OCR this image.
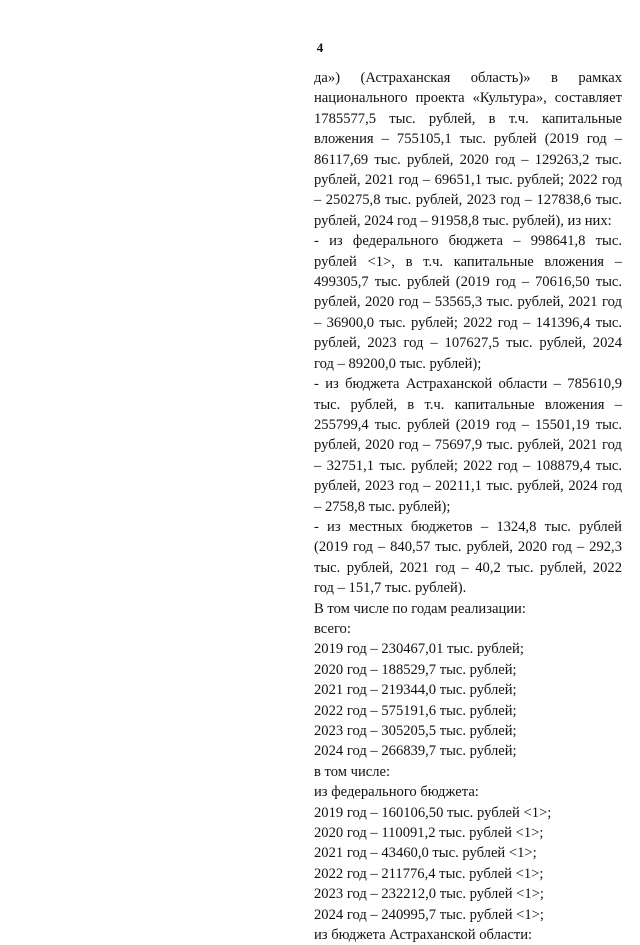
4

да») (Астраханская область)» в рамках национального проекта «Культура», составляет 1785577,5 тыс. рублей, в т.ч. капитальные вложения – 755105,1 тыс. рублей (2019 год – 86117,69 тыс. рублей, 2020 год – 129263,2 тыс. рублей, 2021 год – 69651,1 тыс. рублей; 2022 год – 250275,8 тыс. рублей, 2023 год – 127838,6 тыс. рублей, 2024 год – 91958,8 тыс. рублей), из них:

- из федерального бюджета – 998641,8 тыс. рублей <1>, в т.ч. капитальные вложения – 499305,7 тыс. рублей (2019 год – 70616,50 тыс. рублей, 2020 год – 53565,3 тыс. рублей, 2021 год – 36900,0 тыс. рублей; 2022 год – 141396,4 тыс. рублей, 2023 год – 107627,5 тыс. рублей, 2024 год – 89200,0 тыс. рублей);

- из бюджета Астраханской области – 785610,9 тыс. рублей, в т.ч. капитальные вложения – 255799,4 тыс. рублей (2019 год – 15501,19 тыс. рублей, 2020 год – 75697,9 тыс. рублей, 2021 год – 32751,1 тыс. рублей; 2022 год – 108879,4 тыс. рублей, 2023 год – 20211,1 тыс. рублей, 2024 год – 2758,8 тыс. рублей);

- из местных бюджетов – 1324,8 тыс. рублей (2019 год – 840,57 тыс. рублей, 2020 год – 292,3 тыс. рублей, 2021 год – 40,2 тыс. рублей, 2022 год – 151,7 тыс. рублей).

В том числе по годам реализации:
всего:
2019 год – 230467,01 тыс. рублей;
2020 год – 188529,7 тыс. рублей;
2021 год – 219344,0 тыс. рублей;
2022 год – 575191,6 тыс. рублей;
2023 год – 305205,5 тыс. рублей;
2024 год – 266839,7 тыс. рублей;
в том числе:
из федерального бюджета:
2019 год – 160106,50 тыс. рублей <1>;
2020 год – 110091,2 тыс. рублей <1>;
2021 год – 43460,0 тыс. рублей <1>;
2022 год – 211776,4 тыс. рублей <1>;
2023 год – 232212,0 тыс. рублей <1>;
2024 год – 240995,7 тыс. рублей <1>;
из бюджета Астраханской области:
